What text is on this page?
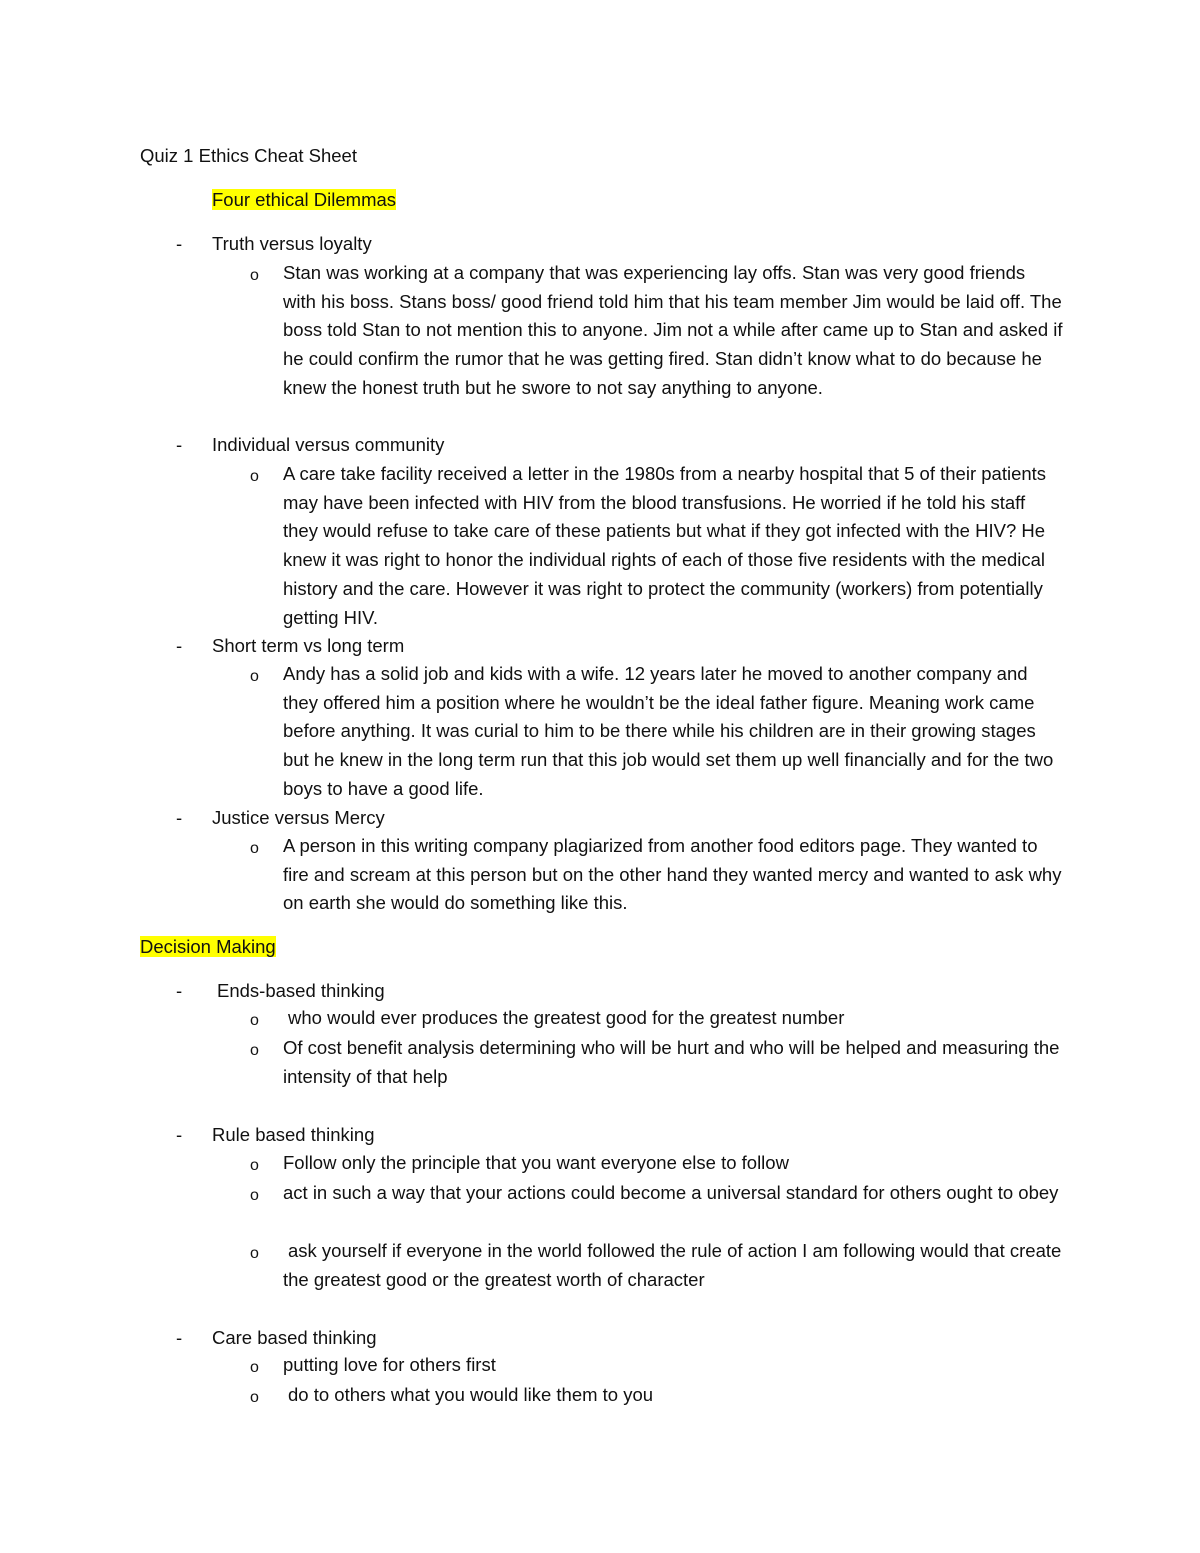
Quiz 1 Ethics Cheat Sheet
Four ethical Dilemmas
- Truth versus loyalty
o Stan was working at a company that was experiencing lay offs. Stan was very good friends with his boss. Stans boss/ good friend told him that his team member Jim would be laid off. The boss told Stan to not mention this to anyone. Jim not a while after came up to Stan and asked if he could confirm the rumor that he was getting fired. Stan didn’t know what to do because he knew the honest truth but he swore to not say anything to anyone.
- Individual versus community
o A care take facility received a letter in the 1980s from a nearby hospital that 5 of their patients may have been infected with HIV from the blood transfusions. He worried if he told his staff they would refuse to take care of these patients but what if they got infected with the HIV? He knew it was right to honor the individual rights of each of those five residents with the medical history and the care. However it was right to protect the community (workers) from potentially getting HIV.
- Short term vs long term
o Andy has a solid job and kids with a wife. 12 years later he moved to another company and they offered him a position where he wouldn’t be the ideal father figure. Meaning work came before anything. It was curial to him to be there while his children are in their growing stages but he knew in the long term run that this job would set them up well financially and for the two boys to have a good life.
- Justice versus Mercy
o A person in this writing company plagiarized from another food editors page. They wanted to fire and scream at this person but on the other hand they wanted mercy and wanted to ask why on earth she would do something like this.
Decision Making
- Ends-based thinking
o who would ever produces the greatest good for the greatest number
o Of cost benefit analysis determining who will be hurt and who will be helped and measuring the intensity of that help
- Rule based thinking
o Follow only the principle that you want everyone else to follow
o act in such a way that your actions could become a universal standard for others ought to obey
o ask yourself if everyone in the world followed the rule of action I am following would that create the greatest good or the greatest worth of character
- Care based thinking
o putting love for others first
o do to others what you would like them to you
